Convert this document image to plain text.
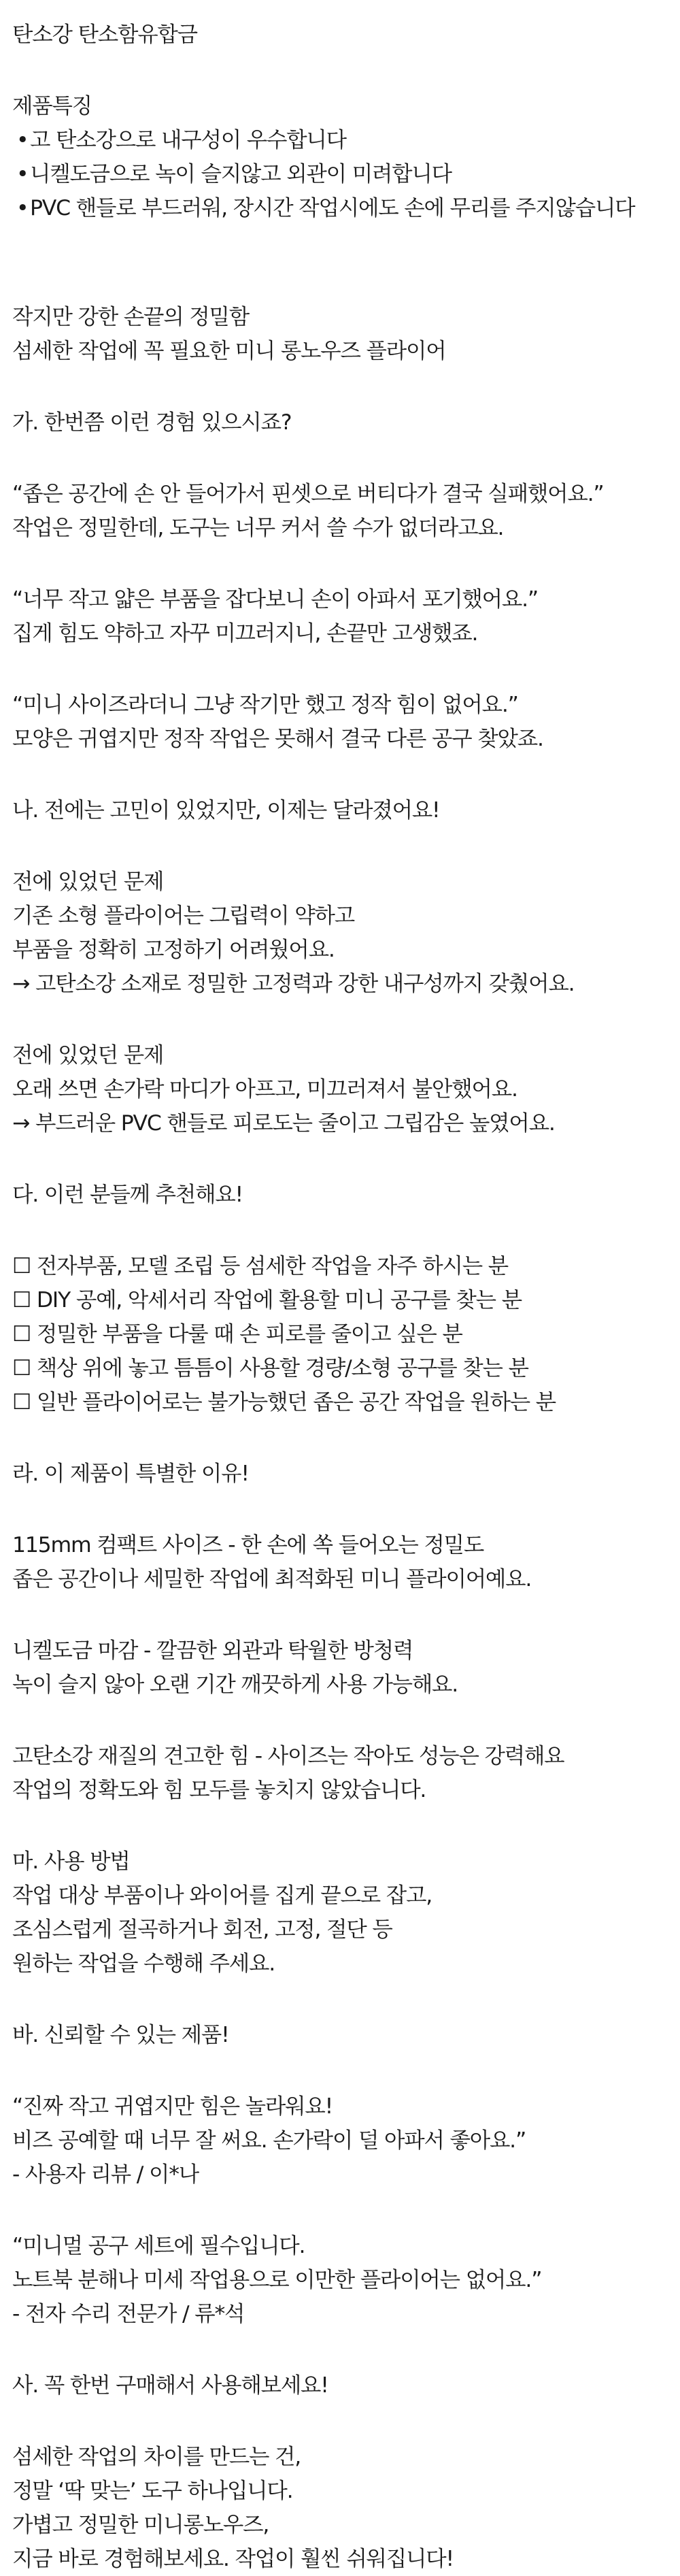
탄소강 탄소함유합금
제품특징
• 고 탄소강으로 내구성이 우수합니다
• 니켈도금으로 녹이 슬지않고 외관이 미려합니다
• PVC 핸들로 부드러워, 장시간 작업시에도 손에 무리를 주지않습니다
작지만 강한 손끝의 정밀함
섬세한 작업에 꼭 필요한 미니 롱노우즈 플라이어
가. 한번쯤 이런 경험 있으시죠?
“좁은 공간에 손 안 들어가서 핀셋으로 버티다가 결국 실패했어요.”
작업은 정밀한데, 도구는 너무 커서 쓸 수가 없더라고요.
“너무 작고 얇은 부품을 잡다보니 손이 아파서 포기했어요.”
집게 힘도 약하고 자꾸 미끄러지니, 손끝만 고생했죠.
“미니 사이즈라더니 그냥 작기만 했고 정작 힘이 없어요.”
모양은 귀엽지만 정작 작업은 못해서 결국 다른 공구 찾았죠.
나. 전에는 고민이 있었지만, 이제는 달라졌어요!
전에 있었던 문제
기존 소형 플라이어는 그립력이 약하고
부품을 정확히 고정하기 어려웠어요.
→ 고탄소강 소재로 정밀한 고정력과 강한 내구성까지 갖췄어요.
전에 있었던 문제
오래 쓰면 손가락 마디가 아프고, 미끄러져서 불안했어요.
→ 부드러운 PVC 핸들로 피로도는 줄이고 그립감은 높였어요.
다. 이런 분들께 추천해요!
☐ 전자부품, 모델 조립 등 섬세한 작업을 자주 하시는 분
☐ DIY 공예, 악세서리 작업에 활용할 미니 공구를 찾는 분
☐ 정밀한 부품을 다룰 때 손 피로를 줄이고 싶은 분
☐ 책상 위에 놓고 틈틈이 사용할 경량/소형 공구를 찾는 분
☐ 일반 플라이어로는 불가능했던 좁은 공간 작업을 원하는 분
라. 이 제품이 특별한 이유!
115mm 컴팩트 사이즈 - 한 손에 쏙 들어오는 정밀도
좁은 공간이나 세밀한 작업에 최적화된 미니 플라이어예요.
니켈도금 마감 - 깔끔한 외관과 탁월한 방청력
녹이 슬지 않아 오랜 기간 깨끗하게 사용 가능해요.
고탄소강 재질의 견고한 힘 - 사이즈는 작아도 성능은 강력해요
작업의 정확도와 힘 모두를 놓치지 않았습니다.
마. 사용 방법
작업 대상 부품이나 와이어를 집게 끝으로 잡고,
조심스럽게 절곡하거나 회전, 고정, 절단 등
원하는 작업을 수행해 주세요.
바. 신뢰할 수 있는 제품!
“진짜 작고 귀엽지만 힘은 놀라워요!
비즈 공예할 때 너무 잘 써요. 손가락이 덜 아파서 좋아요.”
- 사용자 리뷰 / 이*나
“미니멀 공구 세트에 필수입니다.
노트북 분해나 미세 작업용으로 이만한 플라이어는 없어요.”
- 전자 수리 전문가 / 류*석
사. 꼭 한번 구매해서 사용해보세요!
섬세한 작업의 차이를 만드는 건,
정말 ‘딱 맞는’ 도구 하나입니다.
가볍고 정밀한 미니롱노우즈,
지금 바로 경험해보세요. 작업이 훨씬 쉬워집니다!
